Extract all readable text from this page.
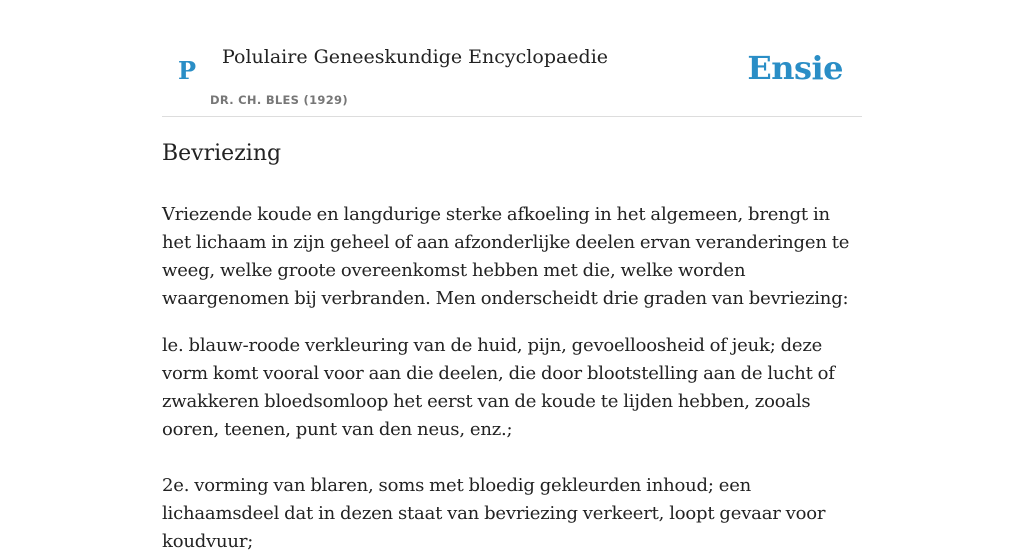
P Polulaire Geneeskundige Encyclopaedie
DR. CH. BLES (1929)
Ensie
Bevriezing

Vriezende koude en langdurige sterke afkoeling in het algemeen, brengt in het lichaam in zijn geheel of aan afzonderlijke deelen ervan veranderingen te weeg, welke groote overeenkomst hebben met die, welke worden waargenomen bij verbranden. Men onderscheidt drie graden van bevriezing:

le. blauw-roode verkleuring van de huid, pijn, gevoelloosheid of jeuk; deze vorm komt vooral voor aan die deelen, die door blootstelling aan de lucht of zwakkeren bloedsomloop het eerst van de koude te lijden hebben, zooals ooren, teenen, punt van den neus, enz.;

2e. vorming van blaren, soms met bloedig gekleurden inhoud; een lichaamsdeel dat in dezen staat van bevriezing verkeert, loopt gevaar voor koudvuur;
